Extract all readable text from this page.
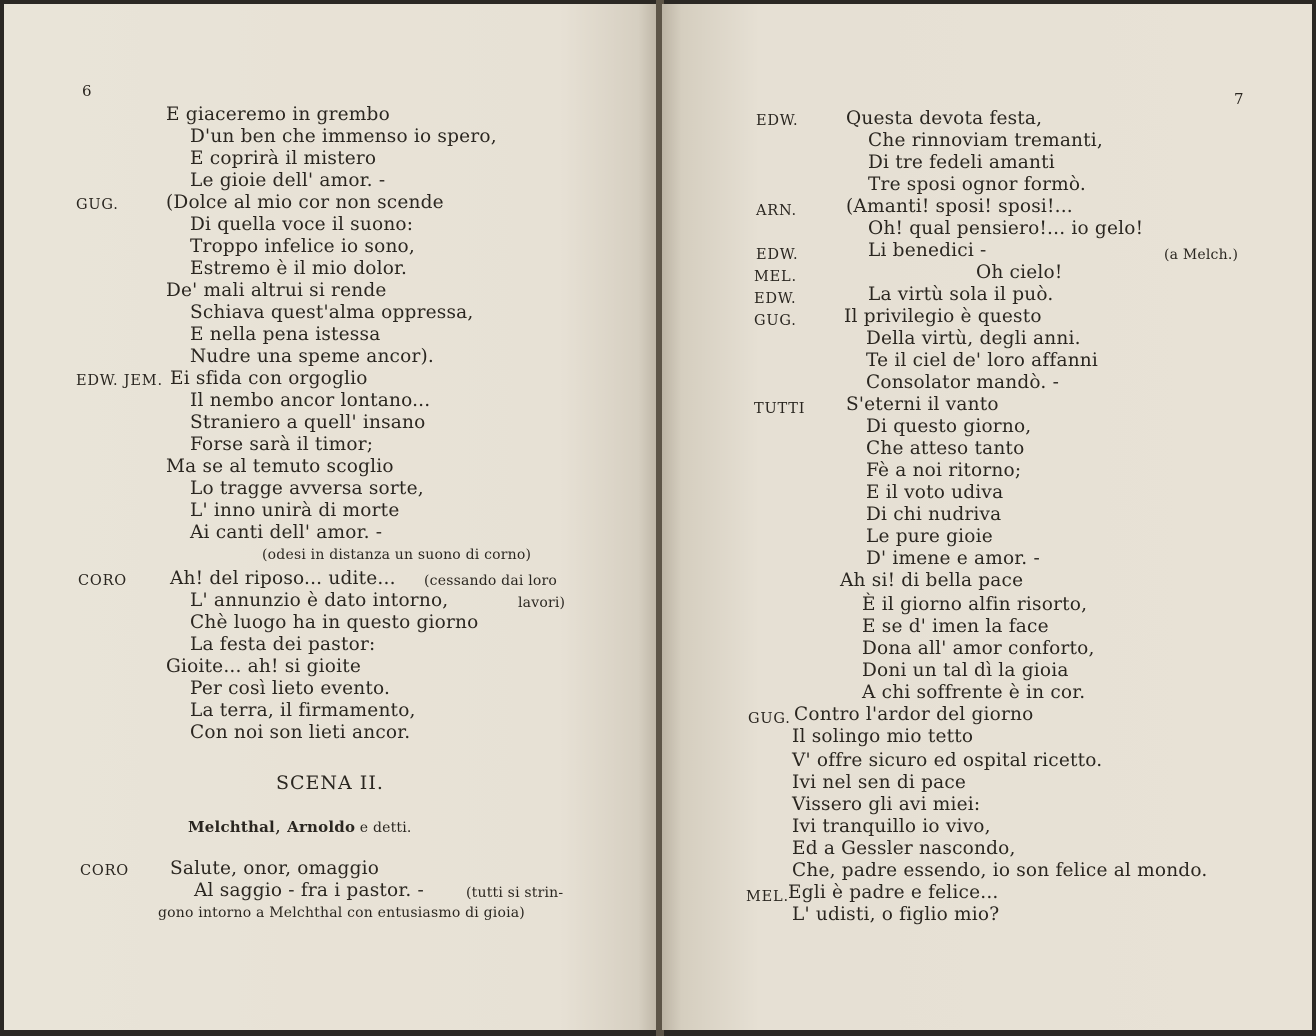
6
E giaceremo in grembo
D'un ben che immenso io spero,
E coprirà il mistero
Le gioie dell' amor. -
GUG.	(Dolce al mio cor non scende
Di quella voce il suono:
Troppo infelice io sono,
Estremo è il mio dolor.
De' mali altrui si rende
Schiava quest'alma oppressa,
E nella pena istessa
Nudre una speme ancor).
EDW. JEM. Ei sfida con orgoglio
Il nembo ancor lontano...
Straniero a quell' insano
Forse sarà il timor;
Ma se al temuto scoglio
Lo tragge avversa sorte,
L' inno unirà di morte
Ai canti dell' amor. -
(odesi in distanza un suono di corno)
CORO Ah! del riposo... udite... (cessando dai loro
L' annunzio è dato intorno,	lavori)
Chè luogo ha in questo giorno
La festa dei pastor:
Gioite... ah! si gioite
Per così lieto evento.
La terra, il firmamento,
Con noi son lieti ancor.
SCENA II.
Melchthal, Arnoldo e detti.
CORO Salute, onor, omaggio
Al saggio - fra i pastor. -	(tutti si strin-
gono intorno a Melchthal con entusiasmo di gioia)
7
EDW.	Questa devota festa,
Che rinnoviam tremanti,
Di tre fedeli amanti
Tre sposi ognor formò.
ARN.	(Amanti! sposi! sposi!...
Oh! qual pensiero!... io gelo!
EDW.	Li benedici -	(a Melch.)
MEL.	Oh cielo!
EDW.	La virtù sola il può.
GUG.	Il privilegio è questo
Della virtù, degli anni.
Te il ciel de' loro affanni
Consolator mandò. -
TUTTI S'eterni il vanto
Di questo giorno,
Che atteso tanto
Fè a noi ritorno;
E il voto udiva
Di chi nudriva
Le pure gioie
D' imene e amor. -
Ah si! di bella pace
È il giorno alfin risorto,
E se d' imen la face
Dona all' amor conforto,
Doni un tal dì la gioia
A chi soffrente è in cor.
GUG. Contro l'ardor del giorno
Il solingo mio tetto
V' offre sicuro ed ospital ricetto.
Ivi nel sen di pace
Vissero gli avi miei:
Ivi tranquillo io vivo,
Ed a Gessler nascondo,
Che, padre essendo, io son felice al mondo.
MEL. Egli è padre e felice...
L' udisti, o figlio mio?
